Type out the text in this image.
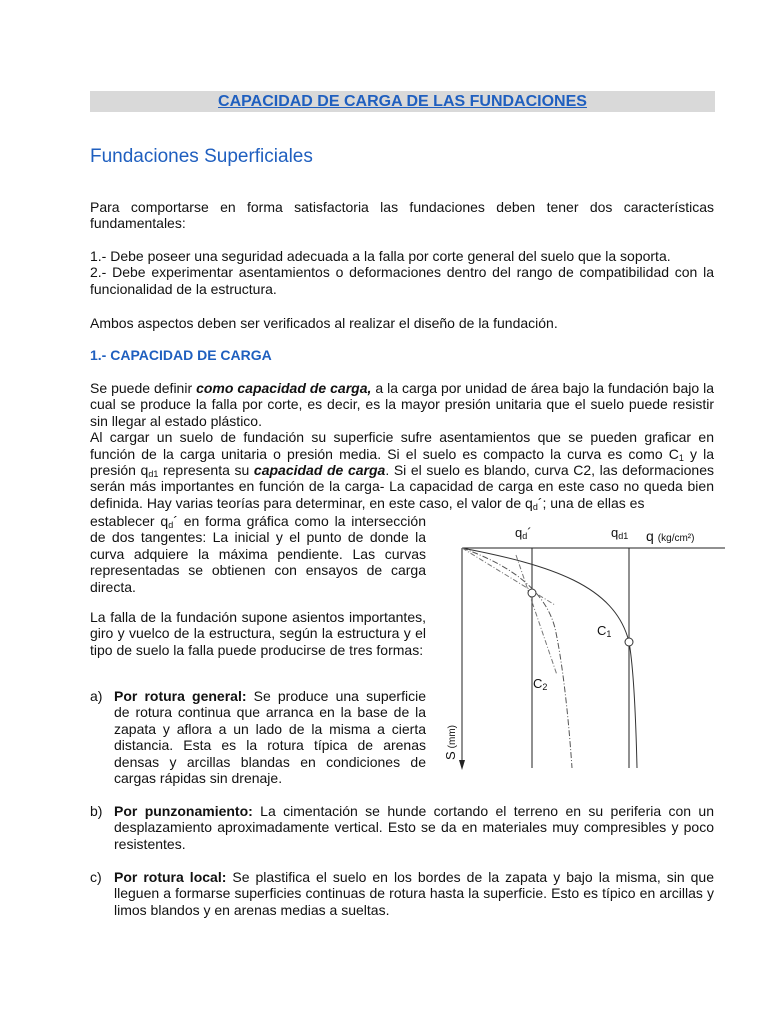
CAPACIDAD DE CARGA DE LAS FUNDACIONES
Fundaciones Superficiales

Para comportarse en forma satisfactoria las fundaciones deben tener dos características fundamentales:

1.- Debe poseer una seguridad adecuada a la falla por corte general del suelo que la soporta.

2.- Debe experimentar asentamientos o deformaciones dentro del rango de compatibilidad con la funcionalidad de la estructura.

Ambos aspectos deben ser verificados al realizar el diseño de la fundación.

1.- CAPACIDAD DE CARGA

Se puede definir como capacidad de carga, a la carga por unidad de área bajo la fundación bajo la cual se produce la falla por corte, es decir, es la mayor presión unitaria que el suelo puede resistir sin llegar al estado plástico.

Al cargar un suelo de fundación su superficie sufre asentamientos que se pueden graficar en función de la carga unitaria o presión media. Si el suelo es compacto la curva es como $C_1$ y la presión $q_{d1}$ representa su capacidad de carga. Si el suelo es blando, curva C2, las deformaciones serán más importantes en función de la carga- La capacidad de carga en este caso no queda bien definida. Hay varias teorías para determinar, en este caso, el valor de $q_d´$; una de ellas es

establecer $q_d´$ en forma gráfica como la intersección de dos tangentes: La inicial y el punto de donde la curva adquiere la máxima pendiente. Las curvas representadas se obtienen con ensayos de carga directa.
La falla de la fundación supone asientos importantes, giro y vuelco de la estructura, según la estructura y el tipo de suelo la falla puede producirse de tres formas:
a) Por rotura general: Se produce una superficie de rotura continua que arranca en la base de la zapata y aflora a un lado de la misma a cierta distancia. Esta es la rotura típica de arenas densas y arcillas blandas en condiciones de cargas rápidas sin drenaje.
b) Por punzonamiento: La cimentación se hunde cortando el terreno en su periferia con un desplazamiento aproximadamente vertical. Esto se da en materiales muy compresibles y poco resistentes.
c) Por rotura local: Se plastifica el suelo en los bordes de la zapata y bajo la misma, sin que lleguen a formarse superficies continuas de rotura hasta la superficie. Esto es típico en arcillas y limos blandos y en arenas medias a sueltas.
qd´	qd1 q (kg/cm²)
C1
C2
S(mm)
